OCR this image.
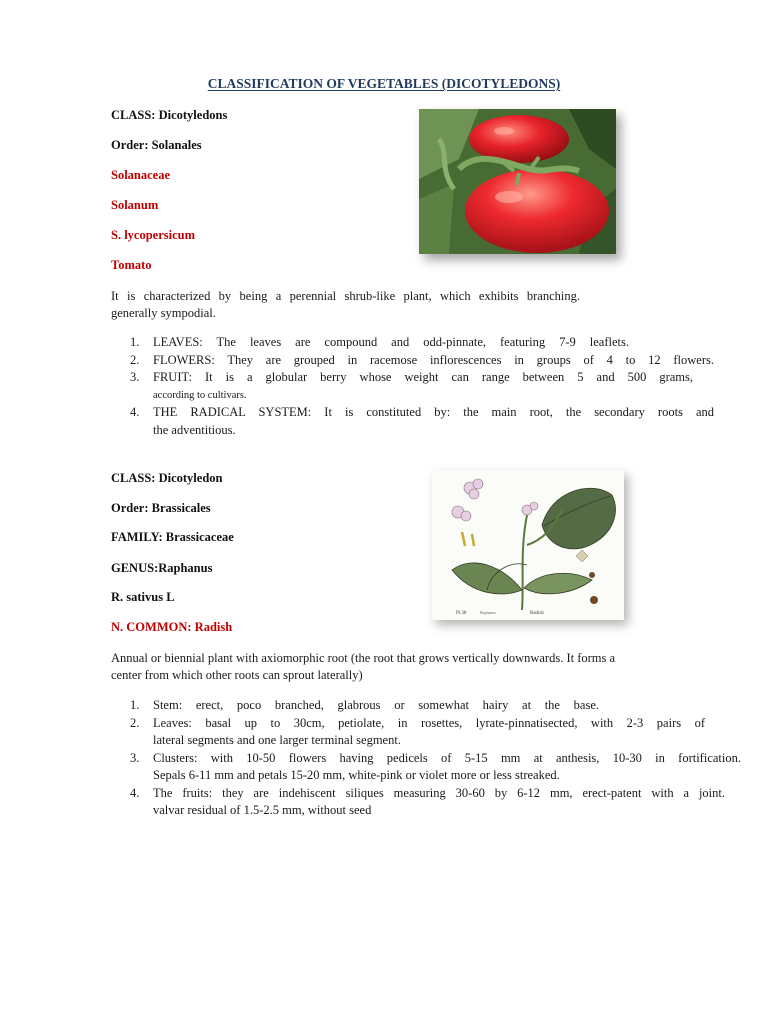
CLASSIFICATION OF VEGETABLES (DICOTYLEDONS)

CLASS: Dicotyledons

Order: Solanales

Solanaceae

Solanum

S. lycopersicum

Tomato

It is characterized by being a perennial shrub-like plant, which exhibits branching.
generally sympodial.

1.	LEAVES: The leaves are compound and odd-pinnate, featuring 7-9 leaflets.
2.	FLOWERS: They are grouped in racemose inflorescences in groups of 4 to 12 flowers.
3.	FRUIT: It is a globular berry whose weight can range between 5 and 500 grams,
according to cultivars.
4.	THE RADICAL SYSTEM: It is constituted by: the main root, the secondary roots and
the adventitious.

CLASS: Dicotyledon

Order: Brassicales

FAMILY: Brassicaceae

GENUS:Raphanus

R. sativus L

N. COMMON: Radish

Pl.38	Raphanus	Radish

Annual or biennial plant with axiomorphic root (the root that grows vertically downwards. It forms a
center from which other roots can sprout laterally)

1.	Stem: erect, poco branched, glabrous or somewhat hairy at the base.
2.	Leaves: basal up to 30cm, petiolate, in rosettes, lyrate-pinnatisected, with 2-3 pairs of
lateral segments and one larger terminal segment.
3.	Clusters: with 10-50 flowers having pedicels of 5-15 mm at anthesis, 10-30 in fortification.
Sepals 6-11 mm and petals 15-20 mm, white-pink or violet more or less streaked.
4.	The fruits: they are indehiscent siliques measuring 30-60 by 6-12 mm, erect-patent with a joint.
valvar residual of 1.5-2.5 mm, without seed
